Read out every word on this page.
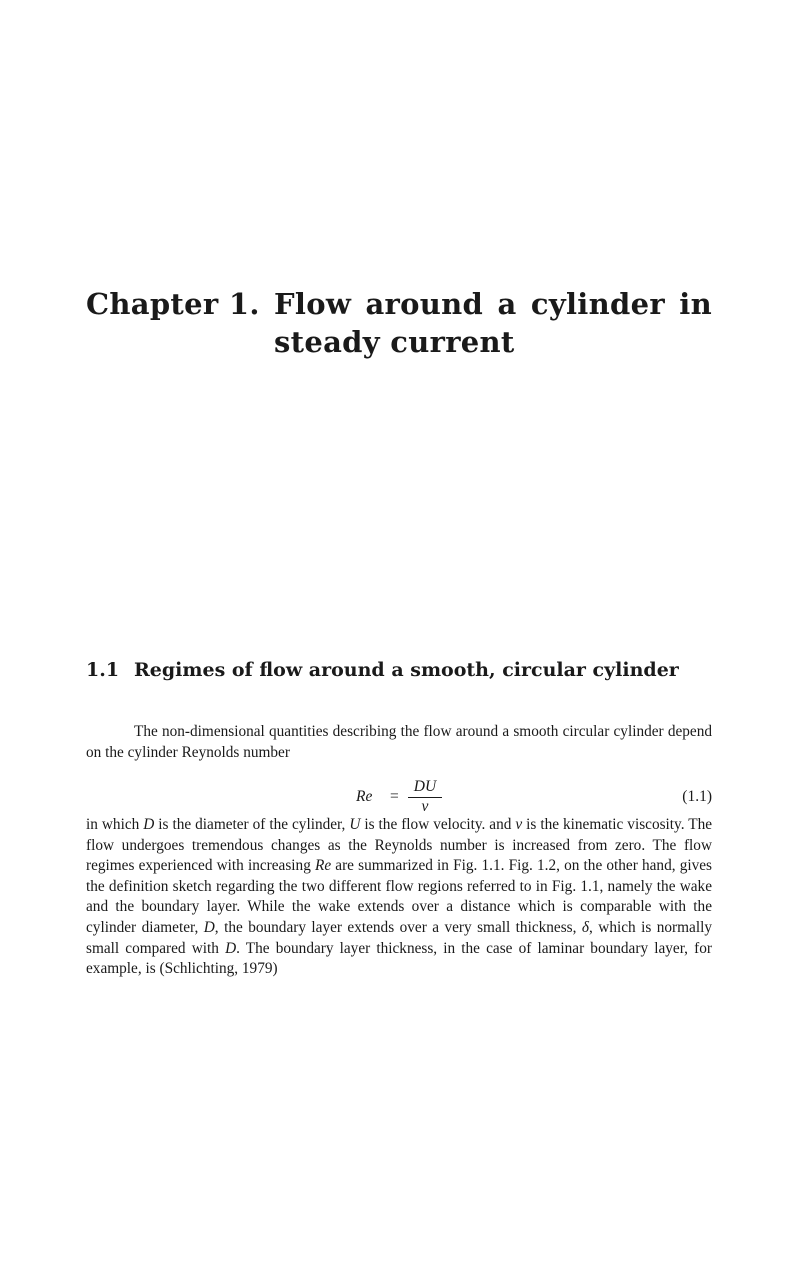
Chapter 1. Flow around a cylinder in
steady current
1.1 Regimes of flow around a smooth, circular cylinder

The non-dimensional quantities describing the flow around a smooth circular cylinder depend on the cylinder Reynolds number

$Re = \frac{DU}{\nu}$	(1.1)

in which D is the diameter of the cylinder, U is the flow velocity. and ν is the kinematic viscosity. The flow undergoes tremendous changes as the Reynolds number is increased from zero. The flow regimes experienced with increasing Re are summarized in Fig. 1.1. Fig. 1.2, on the other hand, gives the definition sketch regarding the two different flow regions referred to in Fig. 1.1, namely the wake and the boundary layer. While the wake extends over a distance which is comparable with the cylinder diameter, D, the boundary layer extends over a very small thickness, δ, which is normally small compared with D. The boundary layer thickness, in the case of laminar boundary layer, for example, is (Schlichting, 1979)
